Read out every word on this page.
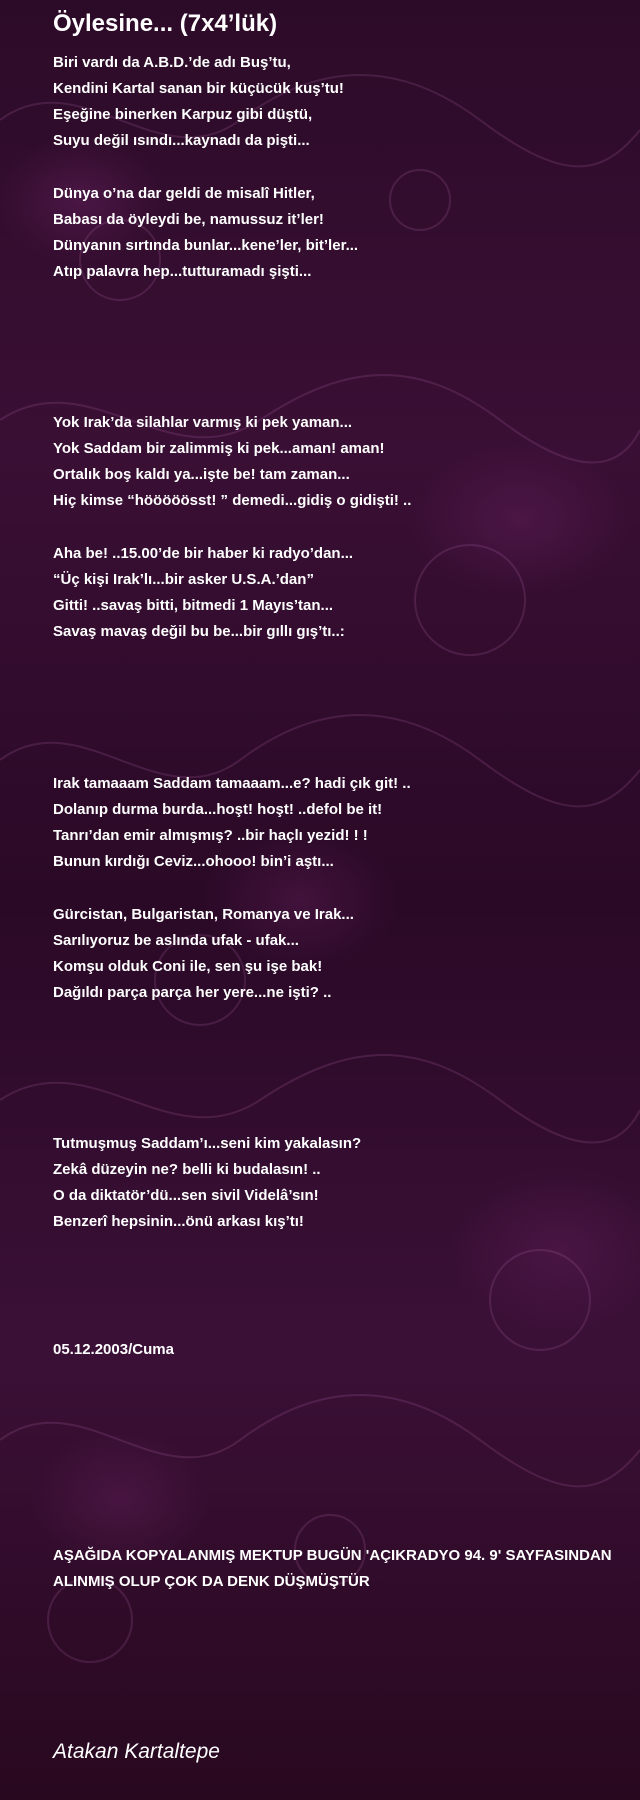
Öylesine... (7x4’lük)
Biri vardı da A.B.D.’de adı Buş’tu,
Kendini Kartal sanan bir küçücük kuş’tu!
Eşeğine binerken Karpuz gibi düştü,
Suyu değil ısındı...kaynadı da pişti...
Dünya o’na dar geldi de misalî Hitler,
Babası da öyleydi be, namussuz it’ler!
Dünyanın sırtında bunlar...kene’ler, bit’ler...
Atıp palavra hep...tutturamadı şişti...
Yok Irak’da silahlar varmış ki pek yaman...
Yok Saddam bir zalimmiş ki pek...aman! aman!
Ortalık boş kaldı ya...işte be! tam zaman...
Hiç kimse “hööööösst! ” demedi...gidiş o gidişti! ..
Aha be! ..15.00’de bir haber ki radyo’dan...
“Üç kişi Irak’lı...bir asker U.S.A.’dan”
Gitti! ..savaş bitti, bitmedi 1 Mayıs’tan...
Savaş mavaş değil bu be...bir gıllı gış’tı..:
Irak tamaaam Saddam tamaaam...e? hadi çık git! ..
Dolanıp durma burda...hoşt! hoşt! ..defol be it!
Tanrı’dan emir almışmış? ..bir haçlı yezid! ! !
Bunun kırdığı Ceviz...ohooo! bin’i aştı...
Gürcistan, Bulgaristan, Romanya ve Irak...
Sarılıyoruz be aslında ufak - ufak...
Komşu olduk Coni ile, sen şu işe bak!
Dağıldı parça parça her yere...ne işti? ..
Tutmuşmuş Saddam’ı...seni kim yakalasın?
Zekâ düzeyin ne? belli ki budalasın! ..
O da diktatör’dü...sen sivil Videlâ’sın!
Benzerî hepsinin...önü arkası kış’tı!
05.12.2003/Cuma
AŞAĞIDA KOPYALANMIŞ MEKTUP BUGÜN 'AÇIKRADYO 94. 9' SAYFASINDAN
ALINMIŞ OLUP ÇOK DA DENK DÜŞMÜŞTÜR
Atakan Kartaltepe
